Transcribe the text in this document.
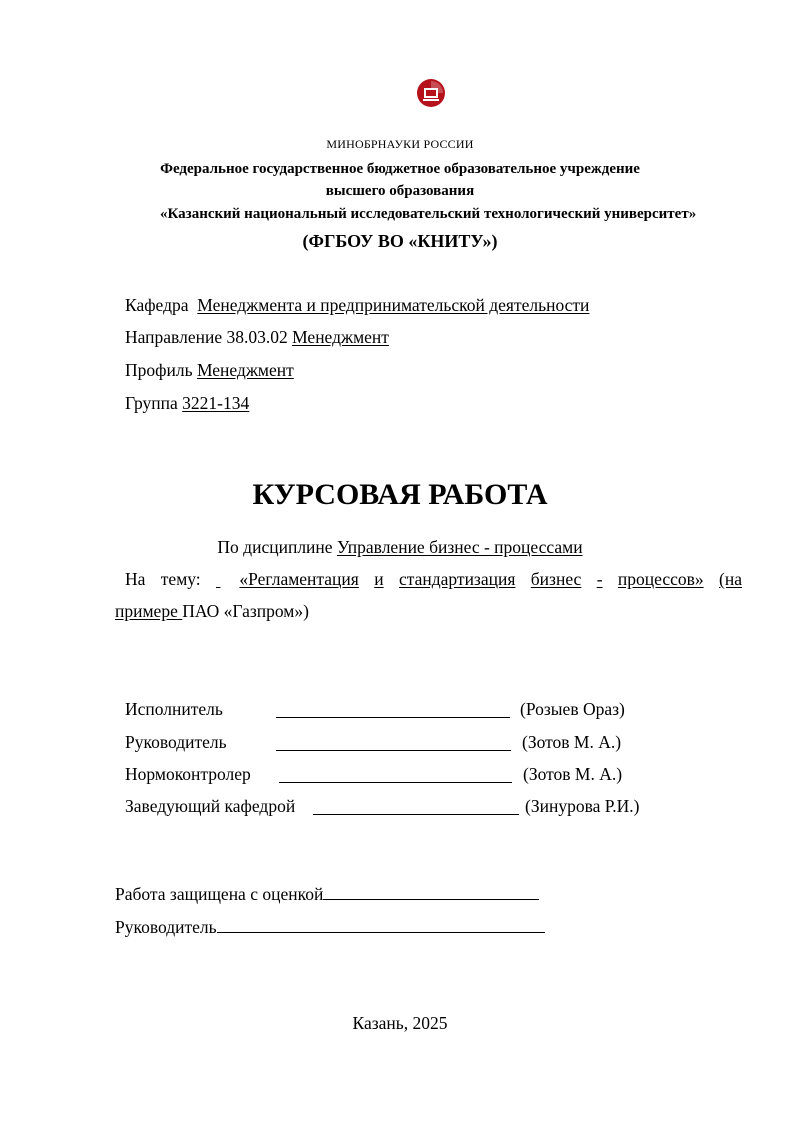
МИНОБРНАУКИ РОССИИ
Федеральное государственное бюджетное образовательное учреждение
высшего образования
«Казанский национальный исследовательский технологический университет»
(ФГБОУ ВО «КНИТУ»)
Кафедра Менеджмента и предпринимательской деятельности
Направление 38.03.02 Менеджмент
Профиль Менеджмент
Группа 3221-134
КУРСОВАЯ РАБОТА
По дисциплине Управление бизнес - процессами
На тему:
«Регламентация и стандартизация бизнес - процессов» (на
примере ПАО «Газпром»)
Исполнитель	(Розыев Ораз)
Руководитель	(Зотов М. А.)
Нормоконтролер	(Зотов М. А.)
Заведующий кафедрой	(Зинурова Р.И.)
Работа защищена с оценкой
Руководитель
Казань, 2025
